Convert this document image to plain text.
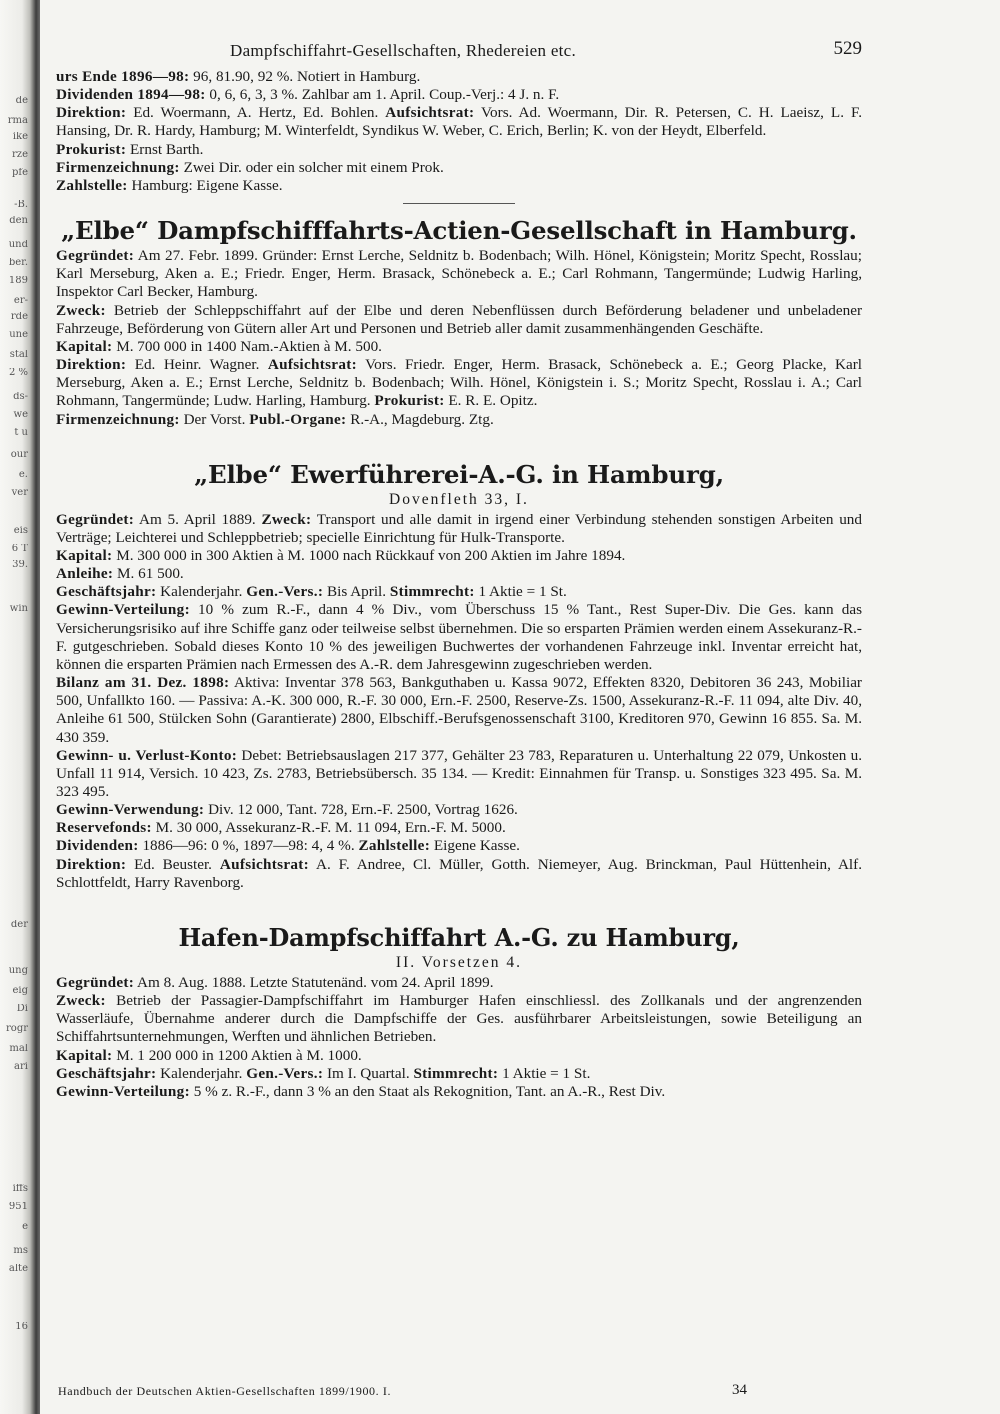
de
rma
ike
rze
pfe
-B.
den
und
ber.
189
er-
rde
une
stal
2 %
ds-
we
t u
our
e.
ver
eis
6 T
39.
win
der
ung
eig
Di
rogr
mal
ari
iffs
951
e
ms
alte
16
Dampfschiffahrt-Gesellschaften, Rhedereien etc.	529
urs Ende 1896—98: 96, 81.90, 92 %. Notiert in Hamburg.
Dividenden 1894—98: 0, 6, 6, 3, 3 %. Zahlbar am 1. April. Coup.-Verj.: 4 J. n. F.
Direktion: Ed. Woermann, A. Hertz, Ed. Bohlen. Aufsichtsrat: Vors. Ad. Woermann, Dir. R. Petersen, C. H. Laeisz, L. F. Hansing, Dr. R. Hardy, Hamburg; M. Winterfeldt, Syndikus W. Weber, C. Erich, Berlin; K. von der Heydt, Elberfeld.
Prokurist: Ernst Barth.
Firmenzeichnung: Zwei Dir. oder ein solcher mit einem Prok.
Zahlstelle: Hamburg: Eigene Kasse.
„Elbe“ Dampfschifffahrts-Actien-Gesellschaft in Hamburg.
Gegründet: Am 27. Febr. 1899. Gründer: Ernst Lerche, Seldnitz b. Bodenbach; Wilh. Hönel, Königstein; Moritz Specht, Rosslau; Karl Merseburg, Aken a. E.; Friedr. Enger, Herm. Brasack, Schönebeck a. E.; Carl Rohmann, Tangermünde; Ludwig Harling, Inspektor Carl Becker, Hamburg.
Zweck: Betrieb der Schleppschiffahrt auf der Elbe und deren Nebenflüssen durch Beförderung beladener und unbeladener Fahrzeuge, Beförderung von Gütern aller Art und Personen und Betrieb aller damit zusammenhängenden Geschäfte.
Kapital: M. 700 000 in 1400 Nam.-Aktien à M. 500.
Direktion: Ed. Heinr. Wagner. Aufsichtsrat: Vors. Friedr. Enger, Herm. Brasack, Schönebeck a. E.; Georg Placke, Karl Merseburg, Aken a. E.; Ernst Lerche, Seldnitz b. Bodenbach; Wilh. Hönel, Königstein i. S.; Moritz Specht, Rosslau i. A.; Carl Rohmann, Tangermünde; Ludw. Harling, Hamburg. Prokurist: E. R. E. Opitz.
Firmenzeichnung: Der Vorst. Publ.-Organe: R.-A., Magdeburg. Ztg.
„Elbe“ Ewerführerei-A.-G. in Hamburg,
Dovenfleth 33, I.
Gegründet: Am 5. April 1889. Zweck: Transport und alle damit in irgend einer Verbindung stehenden sonstigen Arbeiten und Verträge; Leichterei und Schleppbetrieb; specielle Einrichtung für Hulk-Transporte.
Kapital: M. 300 000 in 300 Aktien à M. 1000 nach Rückkauf von 200 Aktien im Jahre 1894.
Anleihe: M. 61 500.
Geschäftsjahr: Kalenderjahr. Gen.-Vers.: Bis April. Stimmrecht: 1 Aktie = 1 St.
Gewinn-Verteilung: 10 % zum R.-F., dann 4 % Div., vom Überschuss 15 % Tant., Rest Super-Div. Die Ges. kann das Versicherungsrisiko auf ihre Schiffe ganz oder teilweise selbst übernehmen. Die so ersparten Prämien werden einem Assekuranz-R.-F. gutgeschrieben. Sobald dieses Konto 10 % des jeweiligen Buchwertes der vorhandenen Fahrzeuge inkl. Inventar erreicht hat, können die ersparten Prämien nach Ermessen des A.-R. dem Jahresgewinn zugeschrieben werden.
Bilanz am 31. Dez. 1898: Aktiva: Inventar 378 563, Bankguthaben u. Kassa 9072, Effekten 8320, Debitoren 36 243, Mobiliar 500, Unfallkto 160. — Passiva: A.-K. 300 000, R.-F. 30 000, Ern.-F. 2500, Reserve-Zs. 1500, Assekuranz-R.-F. 11 094, alte Div. 40, Anleihe 61 500, Stülcken Sohn (Garantierate) 2800, Elbschiff.-Berufsgenossenschaft 3100, Kreditoren 970, Gewinn 16 855. Sa. M. 430 359.
Gewinn- u. Verlust-Konto: Debet: Betriebsauslagen 217 377, Gehälter 23 783, Reparaturen u. Unterhaltung 22 079, Unkosten u. Unfall 11 914, Versich. 10 423, Zs. 2783, Betriebsübersch. 35 134. — Kredit: Einnahmen für Transp. u. Sonstiges 323 495. Sa. M. 323 495.
Gewinn-Verwendung: Div. 12 000, Tant. 728, Ern.-F. 2500, Vortrag 1626.
Reservefonds: M. 30 000, Assekuranz-R.-F. M. 11 094, Ern.-F. M. 5000.
Dividenden: 1886—96: 0 %, 1897—98: 4, 4 %. Zahlstelle: Eigene Kasse.
Direktion: Ed. Beuster. Aufsichtsrat: A. F. Andree, Cl. Müller, Gotth. Niemeyer, Aug. Brinckman, Paul Hüttenhein, Alf. Schlottfeldt, Harry Ravenborg.
Hafen-Dampfschiffahrt A.-G. zu Hamburg,
II. Vorsetzen 4.
Gegründet: Am 8. Aug. 1888. Letzte Statutenänd. vom 24. April 1899.
Zweck: Betrieb der Passagier-Dampfschiffahrt im Hamburger Hafen einschliessl. des Zollkanals und der angrenzenden Wasserläufe, Übernahme anderer durch die Dampfschiffe der Ges. ausführbarer Arbeitsleistungen, sowie Beteiligung an Schiffahrtsunternehmungen, Werften und ähnlichen Betrieben.
Kapital: M. 1 200 000 in 1200 Aktien à M. 1000.
Geschäftsjahr: Kalenderjahr. Gen.-Vers.: Im I. Quartal. Stimmrecht: 1 Aktie = 1 St.
Gewinn-Verteilung: 5 % z. R.-F., dann 3 % an den Staat als Rekognition, Tant. an A.-R., Rest Div.
Handbuch der Deutschen Aktien-Gesellschaften 1899/1900. I.	34
